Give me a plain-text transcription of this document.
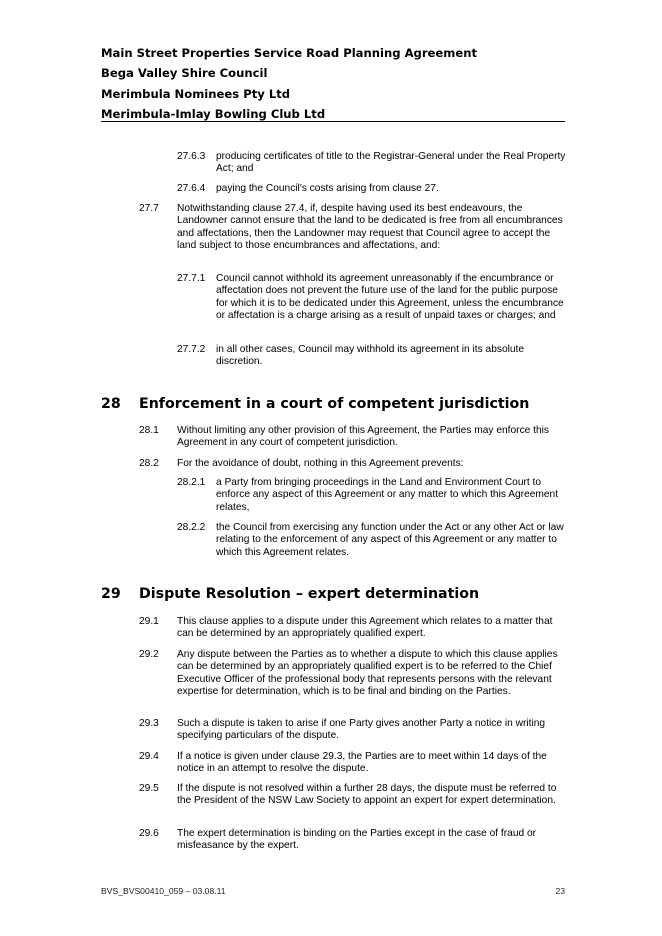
Main Street Properties Service Road Planning Agreement
Bega Valley Shire Council
Merimbula Nominees Pty Ltd
Merimbula-Imlay Bowling Club Ltd
27.6.3 producing certificates of title to the Registrar-General under the Real Property Act; and
27.6.4 paying the Council's costs arising from clause 27.
27.7 Notwithstanding clause 27.4, if, despite having used its best endeavours, the Landowner cannot ensure that the land to be dedicated is free from all encumbrances and affectations, then the Landowner may request that Council agree to accept the land subject to those encumbrances and affectations, and:
27.7.1 Council cannot withhold its agreement unreasonably if the encumbrance or affectation does not prevent the future use of the land for the public purpose for which it is to be dedicated under this Agreement, unless the encumbrance or affectation is a charge arising as a result of unpaid taxes or charges; and
27.7.2 in all other cases, Council may withhold its agreement in its absolute discretion.
28 Enforcement in a court of competent jurisdiction
28.1 Without limiting any other provision of this Agreement, the Parties may enforce this Agreement in any court of competent jurisdiction.
28.2 For the avoidance of doubt, nothing in this Agreement prevents:
28.2.1 a Party from bringing proceedings in the Land and Environment Court to enforce any aspect of this Agreement or any matter to which this Agreement relates,
28.2.2 the Council from exercising any function under the Act or any other Act or law relating to the enforcement of any aspect of this Agreement or any matter to which this Agreement relates.
29 Dispute Resolution – expert determination
29.1 This clause applies to a dispute under this Agreement which relates to a matter that can be determined by an appropriately qualified expert.
29.2 Any dispute between the Parties as to whether a dispute to which this clause applies can be determined by an appropriately qualified expert is to be referred to the Chief Executive Officer of the professional body that represents persons with the relevant expertise for determination, which is to be final and binding on the Parties.
29.3 Such a dispute is taken to arise if one Party gives another Party a notice in writing specifying particulars of the dispute.
29.4 If a notice is given under clause 29.3, the Parties are to meet within 14 days of the notice in an attempt to resolve the dispute.
29.5 If the dispute is not resolved within a further 28 days, the dispute must be referred to the President of the NSW Law Society to appoint an expert for expert determination.
29.6 The expert determination is binding on the Parties except in the case of fraud or misfeasance by the expert.
BVS_BVS00410_059 – 03.08.11	23
